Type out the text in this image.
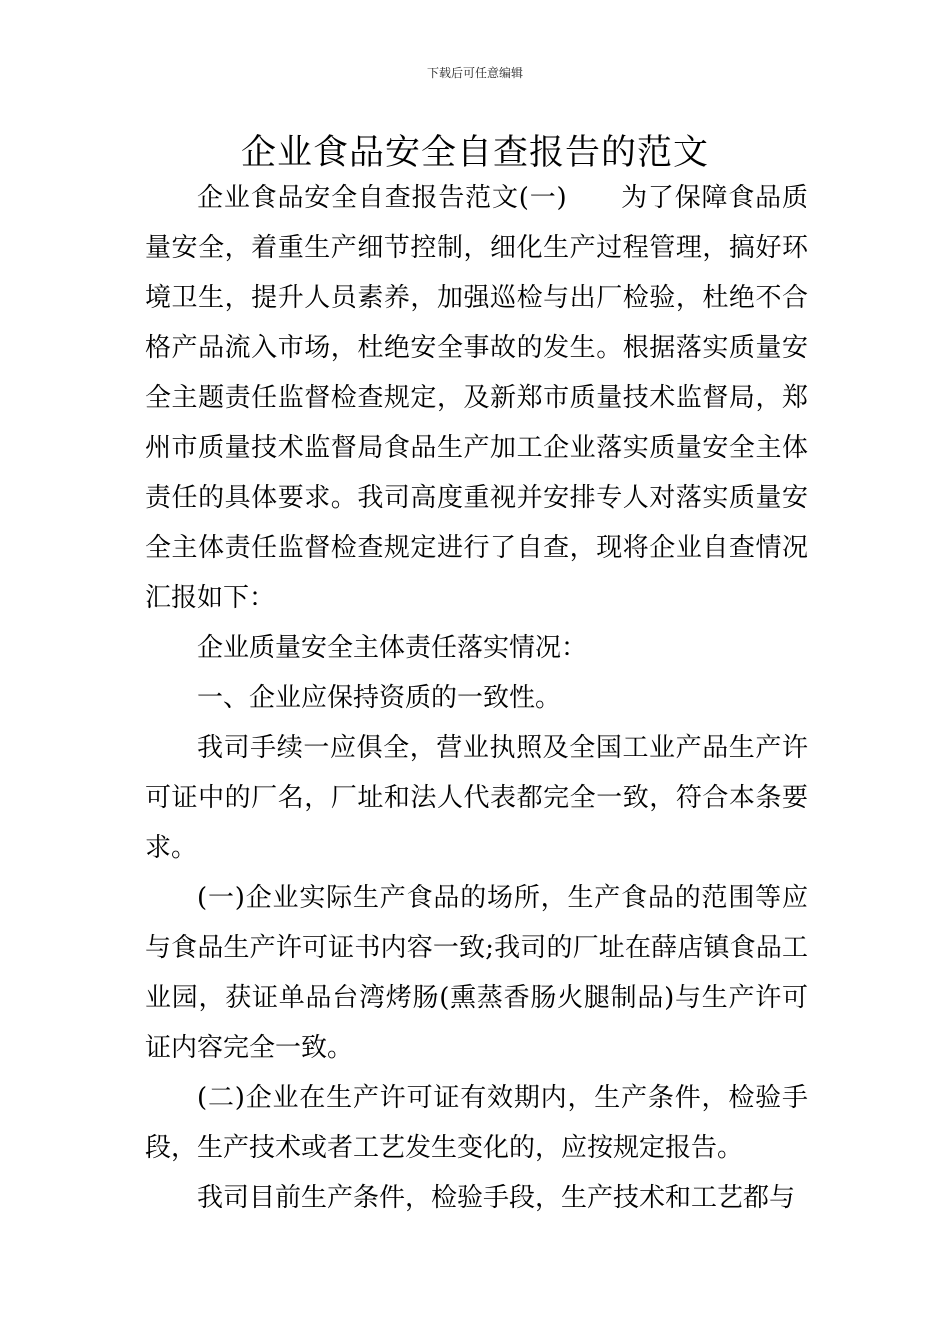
下载后可任意编辑
企业食品安全自查报告的范文

企业食品安全自查报告范文(一)　　为了保障食品质量安全，着重生产细节控制，细化生产过程管理，搞好环境卫生，提升人员素养，加强巡检与出厂检验，杜绝不合格产品流入市场，杜绝安全事故的发生。根据落实质量安全主题责任监督检查规定，及新郑市质量技术监督局，郑州市质量技术监督局食品生产加工企业落实质量安全主体责任的具体要求。我司高度重视并安排专人对落实质量安全主体责任监督检查规定进行了自查，现将企业自查情况汇报如下：

企业质量安全主体责任落实情况：

一、企业应保持资质的一致性。

我司手续一应俱全，营业执照及全国工业产品生产许可证中的厂名，厂址和法人代表都完全一致，符合本条要求。

(一)企业实际生产食品的场所，生产食品的范围等应与食品生产许可证书内容一致;我司的厂址在薛店镇食品工业园，获证单品台湾烤肠(熏蒸香肠火腿制品)与生产许可证内容完全一致。

(二)企业在生产许可证有效期内，生产条件，检验手段，生产技术或者工艺发生变化的，应按规定报告。

我司目前生产条件，检验手段，生产技术和工艺都与
